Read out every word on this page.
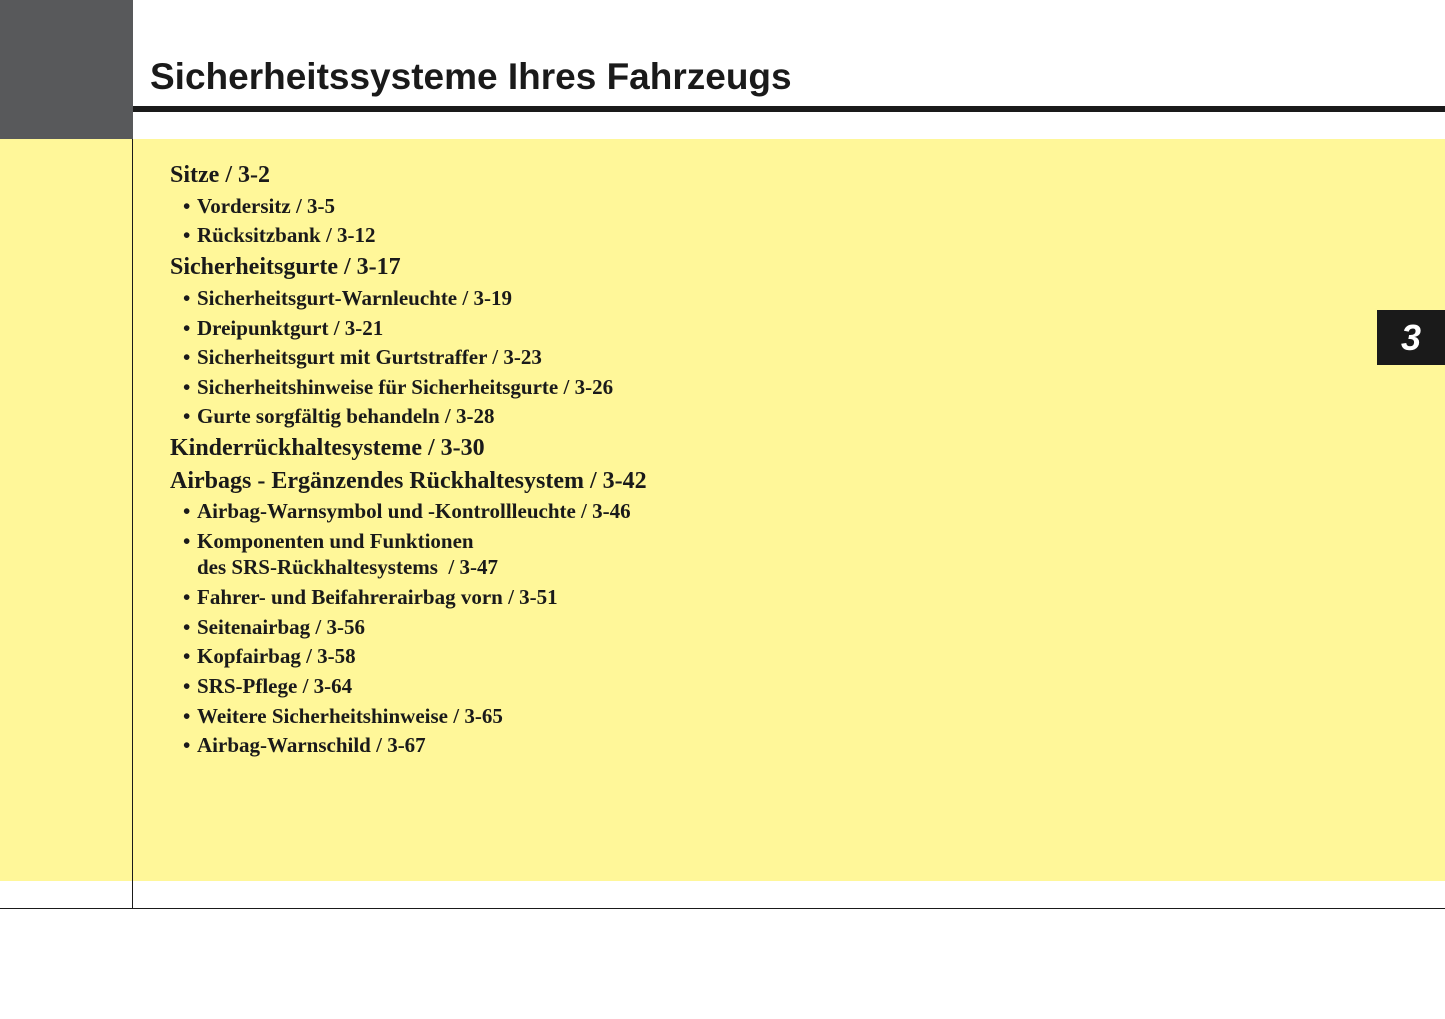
Sicherheitssysteme Ihres Fahrzeugs
3
Sitze / 3-2
• Vordersitz / 3-5
• Rücksitzbank / 3-12
Sicherheitsgurte / 3-17
• Sicherheitsgurt-Warnleuchte / 3-19
• Dreipunktgurt / 3-21
• Sicherheitsgurt mit Gurtstraffer / 3-23
• Sicherheitshinweise für Sicherheitsgurte / 3-26
• Gurte sorgfältig behandeln / 3-28
Kinderrückhaltesysteme / 3-30
Airbags - Ergänzendes Rückhaltesystem / 3-42
• Airbag-Warnsymbol und -Kontrollleuchte / 3-46
• Komponenten und Funktionen
des SRS-Rückhaltesystems  / 3-47
• Fahrer- und Beifahrerairbag vorn / 3-51
• Seitenairbag / 3-56
• Kopfairbag / 3-58
• SRS-Pflege / 3-64
• Weitere Sicherheitshinweise / 3-65
• Airbag-Warnschild / 3-67
